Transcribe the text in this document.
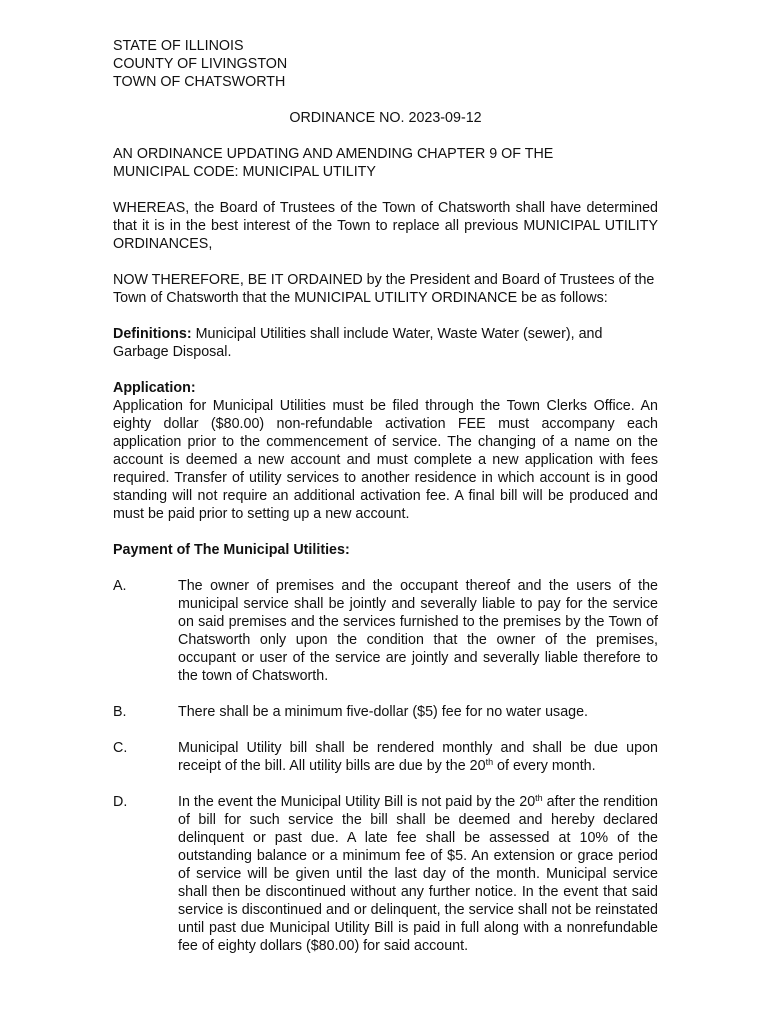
STATE OF ILLINOIS

COUNTY OF LIVINGSTON

TOWN OF CHATSWORTH

ORDINANCE NO. 2023-09-12

AN ORDINANCE UPDATING AND AMENDING CHAPTER 9 OF THE

MUNICIPAL CODE: MUNICIPAL UTILITY

WHEREAS, the Board of Trustees of the Town of Chatsworth shall have determined that it is in the best interest of the Town to replace all previous MUNICIPAL UTILITY ORDINANCES,

NOW THEREFORE, BE IT ORDAINED by the President and Board of Trustees of the Town of Chatsworth that the MUNICIPAL UTILITY ORDINANCE be as follows:

Definitions: Municipal Utilities shall include Water, Waste Water (sewer), and Garbage Disposal.

Application:

Application for Municipal Utilities must be filed through the Town Clerks Office. An eighty dollar ($80.00) non-refundable activation FEE must accompany each application prior to the commencement of service. The changing of a name on the account is deemed a new account and must complete a new application with fees required. Transfer of utility services to another residence in which account is in good standing will not require an additional activation fee. A final bill will be produced and must be paid prior to setting up a new account.

Payment of The Municipal Utilities:

A.	The owner of premises and the occupant thereof and the users of the municipal service shall be jointly and severally liable to pay for the service on said premises and the services furnished to the premises by the Town of Chatsworth only upon the condition that the owner of the premises, occupant or user of the service are jointly and severally liable therefore to the town of Chatsworth.
B.	There shall be a minimum five-dollar ($5) fee for no water usage.
C.	Municipal Utility bill shall be rendered monthly and shall be due upon receipt of the bill. All utility bills are due by the 20th of every month.
D.	In the event the Municipal Utility Bill is not paid by the 20th after the rendition of bill for such service the bill shall be deemed and hereby declared delinquent or past due. A late fee shall be assessed at 10% of the outstanding balance or a minimum fee of $5. An extension or grace period of service will be given until the last day of the month. Municipal service shall then be discontinued without any further notice. In the event that said service is discontinued and or delinquent, the service shall not be reinstated until past due Municipal Utility Bill is paid in full along with a nonrefundable fee of eighty dollars ($80.00) for said account.
